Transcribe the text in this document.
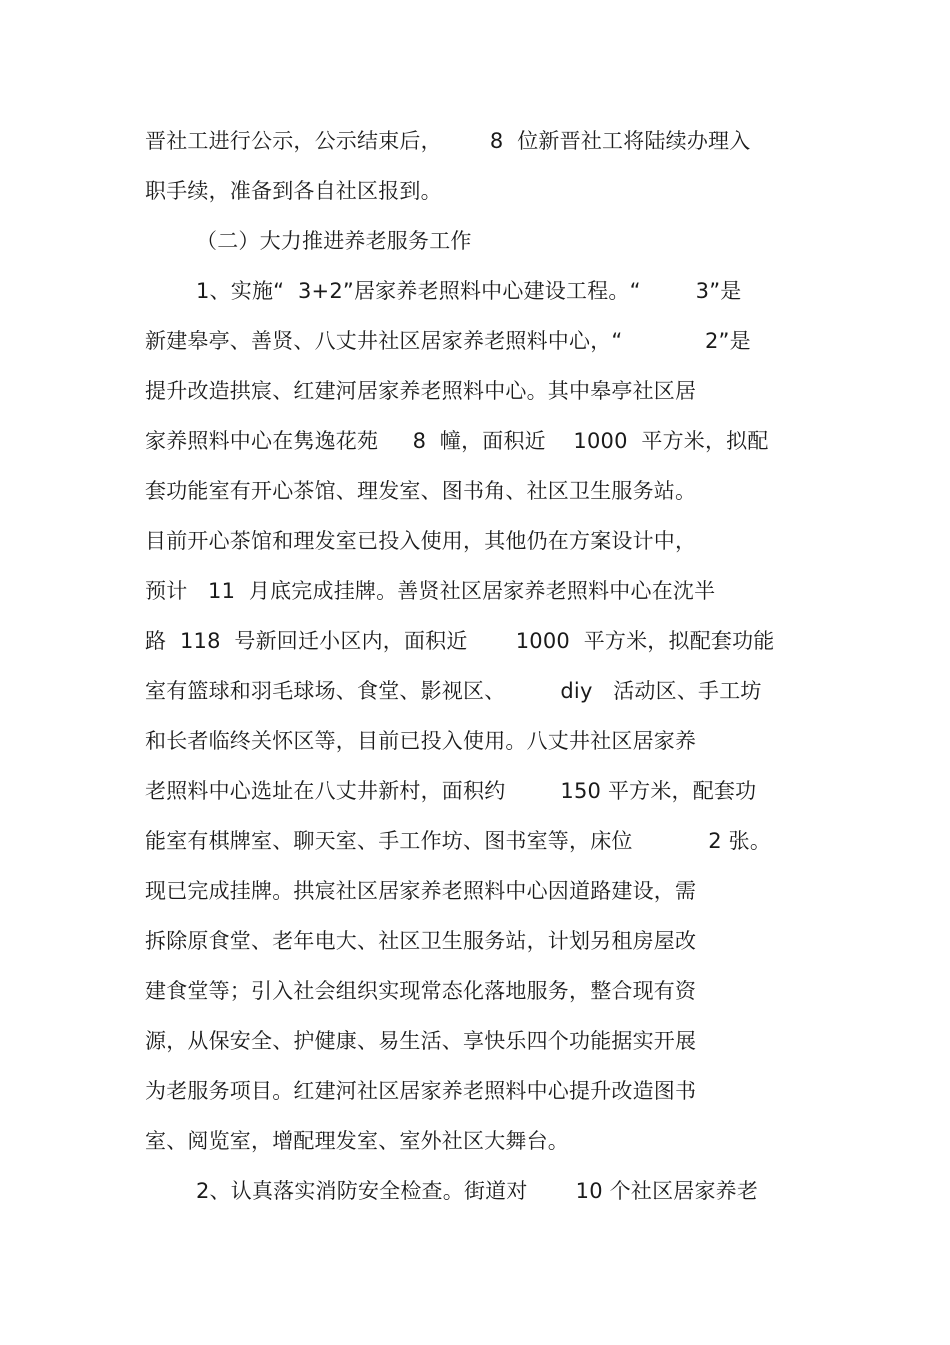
晋社工进行公示，公示结束后，       8  位新晋社工将陆续办理入
职手续，准备到各自社区报到。
（二）大力推进养老服务工作
1、实施“  3+2”居家养老照料中心建设工程。“        3”是
新建皋亭、善贤、八丈井社区居家养老照料中心，“            2”是
提升改造拱宸、红建河居家养老照料中心。其中皋亭社区居
家养照料中心在隽逸花苑     8  幢，面积近    1000  平方米，拟配
套功能室有开心茶馆、理发室、图书角、社区卫生服务站。
目前开心茶馆和理发室已投入使用，其他仍在方案设计中，
预计   11  月底完成挂牌。善贤社区居家养老照料中心在沈半
路  118  号新回迁小区内，面积近       1000  平方米，拟配套功能
室有篮球和羽毛球场、食堂、影视区、        diy   活动区、手工坊
和长者临终关怀区等，目前已投入使用。八丈井社区居家养
老照料中心选址在八丈井新村，面积约        150 平方米，配套功
能室有棋牌室、聊天室、手工作坊、图书室等，床位           2 张。
现已完成挂牌。拱宸社区居家养老照料中心因道路建设，需
拆除原食堂、老年电大、社区卫生服务站，计划另租房屋改
建食堂等；引入社会组织实现常态化落地服务，整合现有资
源，从保安全、护健康、易生活、享快乐四个功能据实开展
为老服务项目。红建河社区居家养老照料中心提升改造图书
室、阅览室，增配理发室、室外社区大舞台。
2、认真落实消防安全检查。街道对       10 个社区居家养老
